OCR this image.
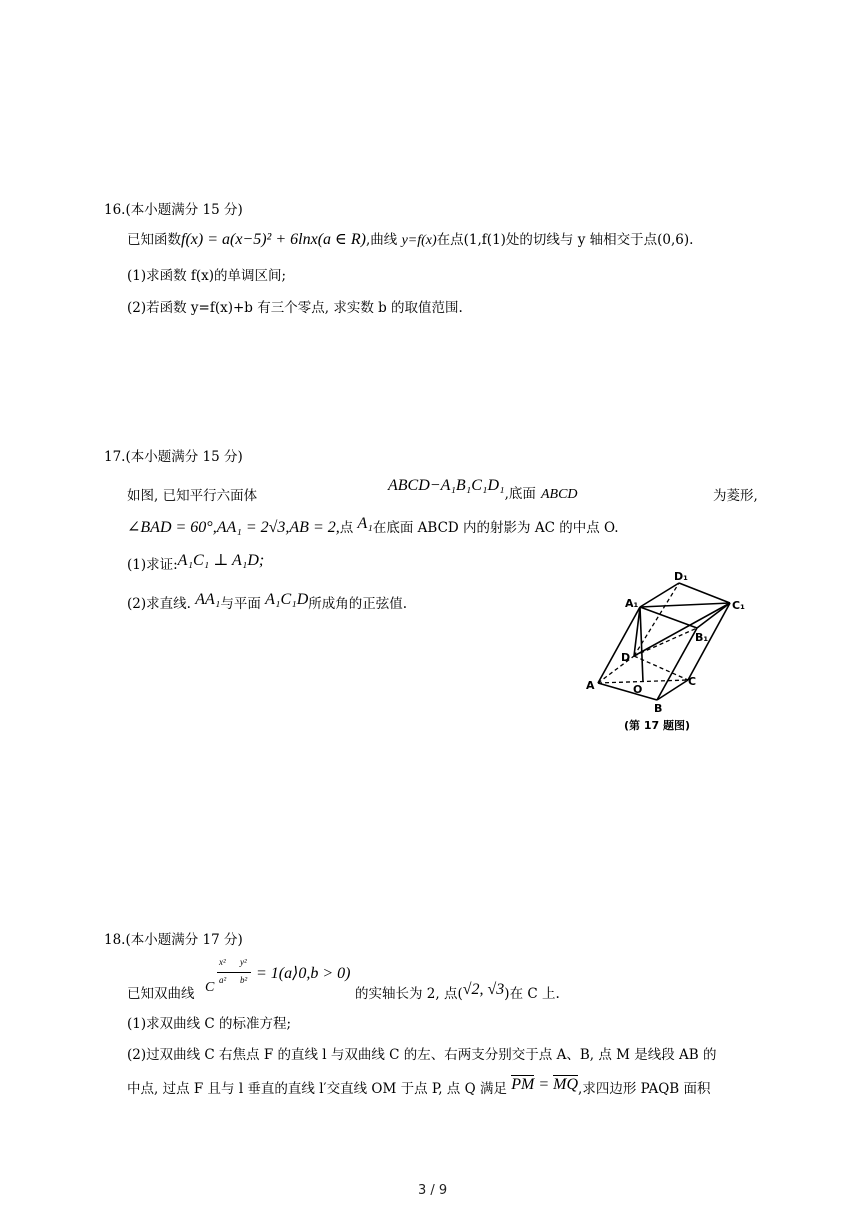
16.(本小题满分 15 分)
已知函数f(x) = a(x−5)² + 6lnx(a ∈ R),曲线 y=f(x)在点(1,f(1)处的切线与 y 轴相交于点(0,6).
(1)求函数 f(x)的单调区间;
(2)若函数 y=f(x)+b 有三个零点, 求实数 b 的取值范围.
17.(本小题满分 15 分)
如图, 已知平行六面体
$ABCD-A_1B_1C_1D_1_{,底面}$ ABCD	为菱形,
∠BAD = 60°,AA₁ = 2√3,AB = 2,点 A₁在底面 ABCD 内的射影为 AC 的中点 O.
(1)求证:A₁C₁ ⊥ A₁D;
(2)求直线. AA₁与平面 A₁C₁D所成角的正弦值.
D₁
A₁	C₁
B₁
D
A	O
C
B
(第 17 题图)
18.(本小题满分 17 分)
已知双曲线 C
x²
a²
y²
b² = 1(a⟩0,b > 0)
的实轴长为 2, 点(√2, √3)在 C 上.
(1)求双曲线 C 的标准方程;
(2)过双曲线 C 右焦点 F 的直线 l 与双曲线 C 的左、右两支分别交于点 A、B, 点 M 是线段 AB 的
中点, 过点 F 且与 l 垂直的直线 l′交直线 OM 于点 P, 点 Q 满足 PM = MQ,求四边形 PAQB 面积
3 / 9
